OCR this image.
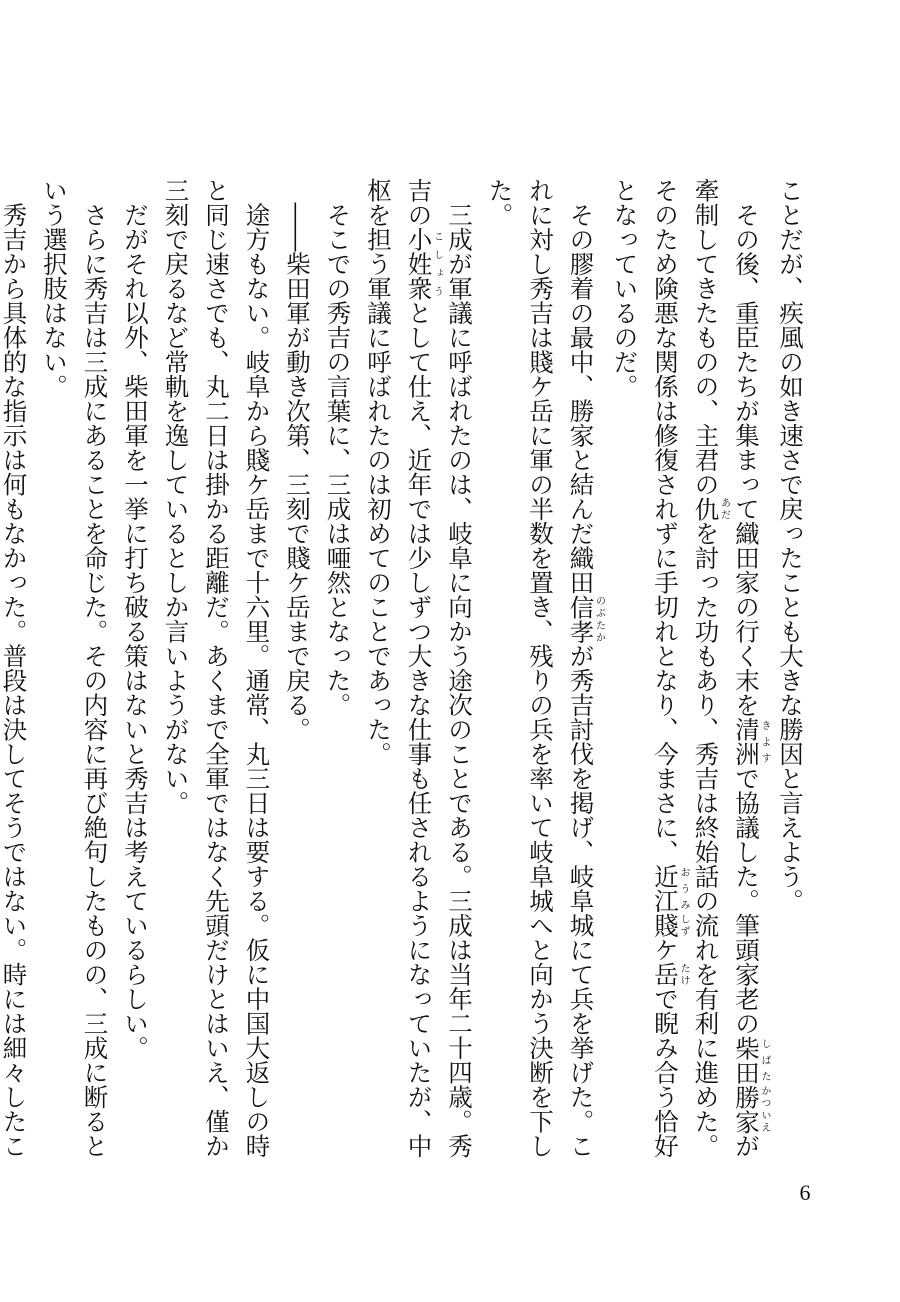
ことだが、疾風の如き速さで戻ったことも大きな勝因と言えよう。

その後、重臣たちが集まって織田家の行く末を清洲きよすで協議した。筆頭家老の柴田しばた勝家かついえが牽制してきたものの、主君の仇あだを討った功もあり、秀吉は終始話の流れを有利に進めた。そのため険悪な関係は修復されずに手切れとなり、今まさに、近江おうみ賤しずケ岳たけで睨み合う恰好となっているのだ。

その膠着の最中、勝家と結んだ織田信孝のぶたかが秀吉討伐を掲げ、岐阜城にて兵を挙げた。これに対し秀吉は賤ケ岳に軍の半数を置き、残りの兵を率いて岐阜城へと向かう決断を下した。

三成が軍議に呼ばれたのは、岐阜に向かう途次のことである。三成は当年二十四歳。秀吉の小姓衆こしょうとして仕え、近年では少しずつ大きな仕事も任されるようになっていたが、中枢を担う軍議に呼ばれたのは初めてのことであった。

そこでの秀吉の言葉に、三成は唖然となった。

――柴田軍が動き次第、三刻で賤ケ岳まで戻る。

途方もない。岐阜から賤ケ岳まで十六里。通常、丸三日は要する。仮に中国大返しの時と同じ速さでも、丸二日は掛かる距離だ。あくまで全軍ではなく先頭だけとはいえ、僅か三刻で戻るなど常軌を逸しているとしか言いようがない。

だがそれ以外、柴田軍を一挙に打ち破る策はないと秀吉は考えているらしい。

さらに秀吉は三成にあることを命じた。その内容に再び絶句したものの、三成に断るという選択肢はない。

秀吉から具体的な指示は何もなかった。普段は決してそうではない。時には細々したこ

6
